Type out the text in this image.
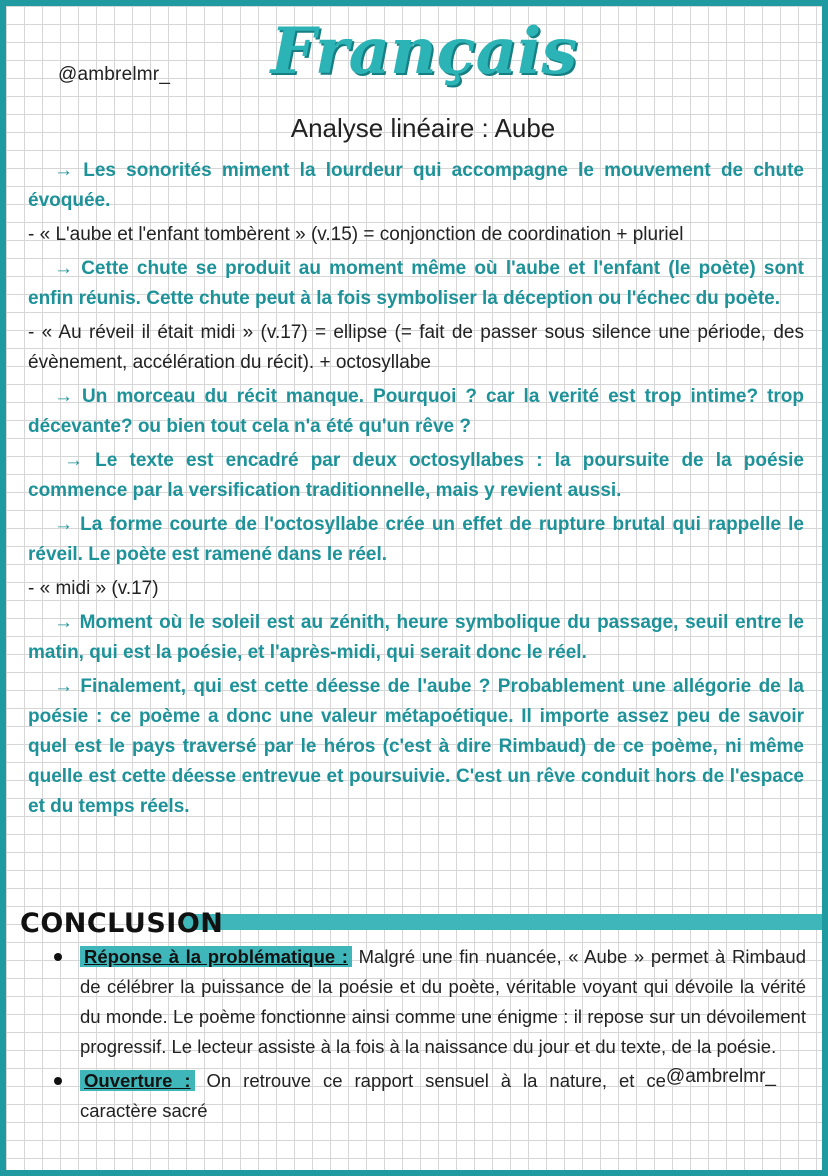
@ambrelmr_ Français
Analyse linéaire : Aube

→ Les sonorités miment la lourdeur qui accompagne le mouvement de chute évoquée.

- « L'aube et l'enfant tombèrent » (v.15) = conjonction de coordination + pluriel

→ Cette chute se produit au moment même où l'aube et l'enfant (le poète) sont enfin réunis. Cette chute peut à la fois symboliser la déception ou l'échec du poète.

- « Au réveil il était midi » (v.17) = ellipse (= fait de passer sous silence une période, des évènement, accélération du récit). + octosyllabe

→ Un morceau du récit manque. Pourquoi ? car la verité est trop intime? trop décevante? ou bien tout cela n'a été qu'un rêve ?

→ Le texte est encadré par deux octosyllabes : la poursuite de la poésie commence par la versification traditionnelle, mais y revient aussi.

→ La forme courte de l'octosyllabe crée un effet de rupture brutal qui rappelle le réveil. Le poète est ramené dans le réel.

- « midi » (v.17)

→ Moment où le soleil est au zénith, heure symbolique du passage, seuil entre le matin, qui est la poésie, et l'après-midi, qui serait donc le réel.

→ Finalement, qui est cette déesse de l'aube ? Probablement une allégorie de la poésie : ce poème a donc une valeur métapoétique. Il importe assez peu de savoir quel est le pays traversé par le héros (c'est à dire Rimbaud) de ce poème, ni même quelle est cette déesse entrevue et poursuivie. C'est un rêve conduit hors de l'espace et du temps réels.

CONCLUSION
Réponse à la problématique : Malgré une fin nuancée, « Aube » permet à Rimbaud de célébrer la puissance de la poésie et du poète, véritable voyant qui dévoile la vérité du monde. Le poème fonctionne ainsi comme une énigme : il repose sur un dévoilement progressif. Le lecteur assiste à la fois à la naissance du jour et du texte, de la poésie.
@ambrelmr_
Ouverture : On retrouve ce rapport sensuel à la nature, et ce caractère sacré
